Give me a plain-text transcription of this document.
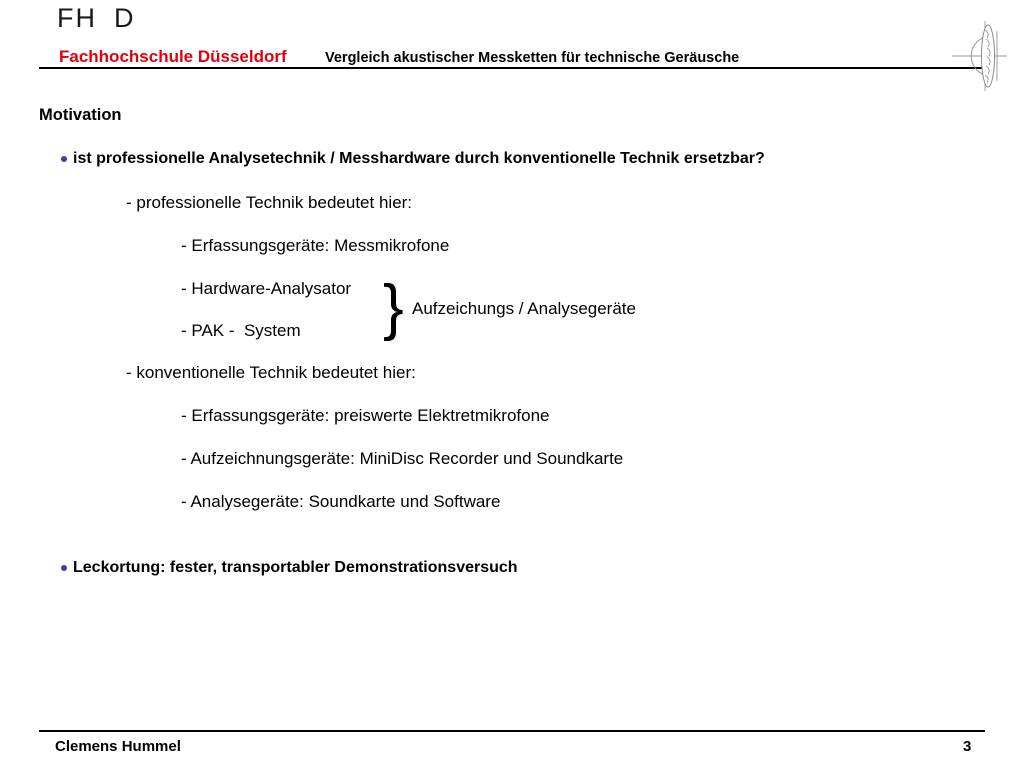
FH D
Fachhochschule Düsseldorf	Vergleich akustischer Messketten für technische Geräusche

Motivation
ist professionelle Analysetechnik / Messhardware durch konventionelle Technik ersetzbar?
- professionelle Technik bedeutet hier:
- Erfassungsgeräte: Messmikrofone
- Hardware-Analysator
- PAK -  System } Aufzeichungs / Analysegeräte
- konventionelle Technik bedeutet hier:
- Erfassungsgeräte: preiswerte Elektretmikrofone
- Aufzeichnungsgeräte: MiniDisc Recorder und Soundkarte
- Analysegeräte: Soundkarte und Software
Leckortung: fester, transportabler Demonstrationsversuch
Clemens Hummel	3
